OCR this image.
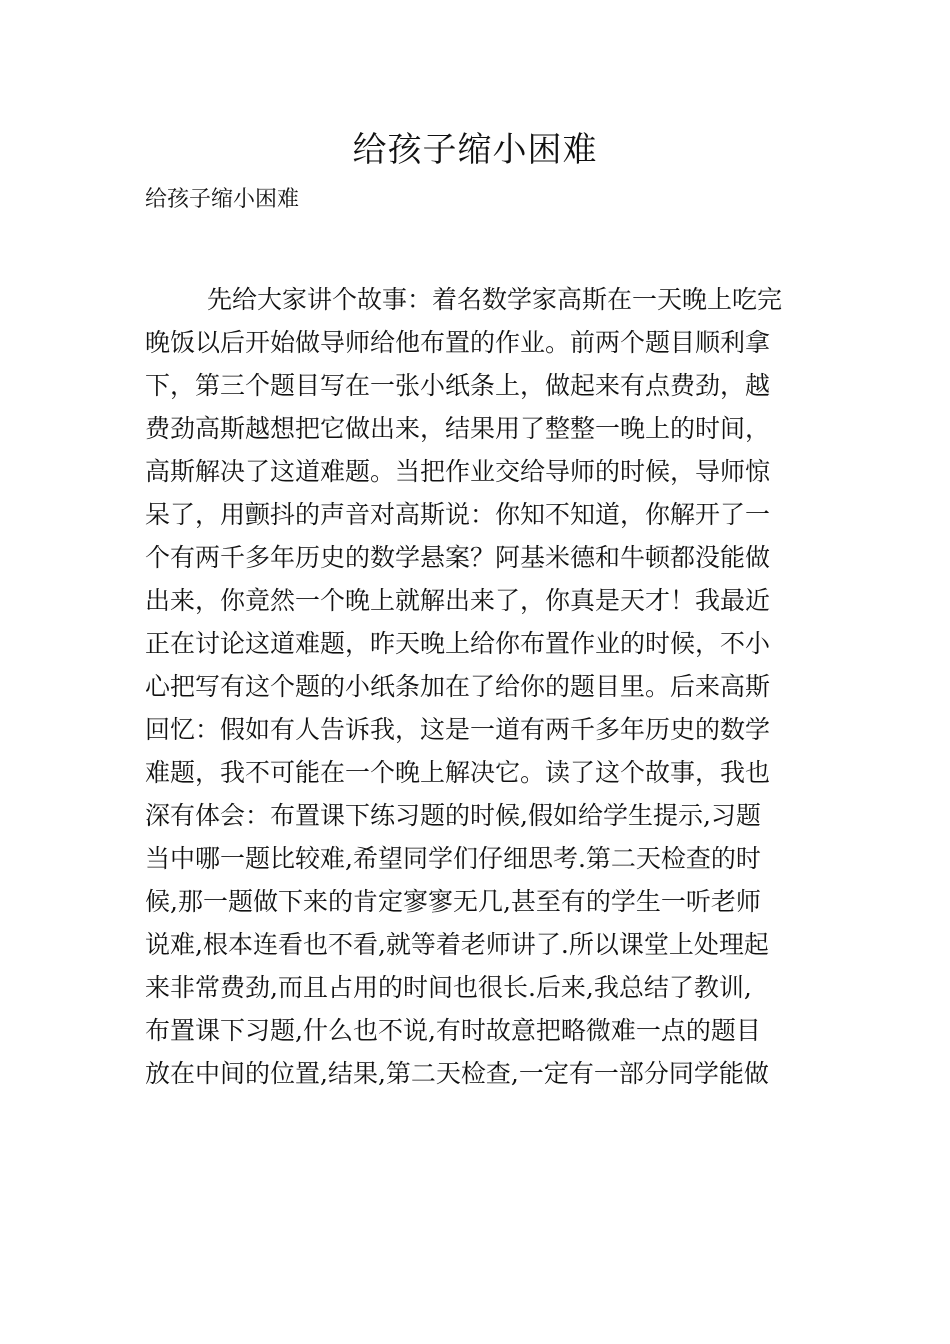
给孩子缩小困难

给孩子缩小困难

先给大家讲个故事：着名数学家高斯在一天晚上吃完
晚饭以后开始做导师给他布置的作业。前两个题目顺利拿
下，第三个题目写在一张小纸条上，做起来有点费劲，越
费劲高斯越想把它做出来，结果用了整整一晚上的时间，
高斯解决了这道难题。当把作业交给导师的时候，导师惊
呆了，用颤抖的声音对高斯说：你知不知道，你解开了一
个有两千多年历史的数学悬案？阿基米德和牛顿都没能做
出来，你竟然一个晚上就解出来了，你真是天才！我最近
正在讨论这道难题，昨天晚上给你布置作业的时候，不小
心把写有这个题的小纸条加在了给你的题目里。后来高斯
回忆：假如有人告诉我，这是一道有两千多年历史的数学
难题，我不可能在一个晚上解决它。读了这个故事，我也
深有体会：布置课下练习题的时候,假如给学生提示,习题
当中哪一题比较难,希望同学们仔细思考.第二天检查的时
候,那一题做下来的肯定寥寥无几,甚至有的学生一听老师
说难,根本连看也不看,就等着老师讲了.所以课堂上处理起
来非常费劲,而且占用的时间也很长.后来,我总结了教训,
布置课下习题,什么也不说,有时故意把略微难一点的题目
放在中间的位置,结果,第二天检查,一定有一部分同学能做
